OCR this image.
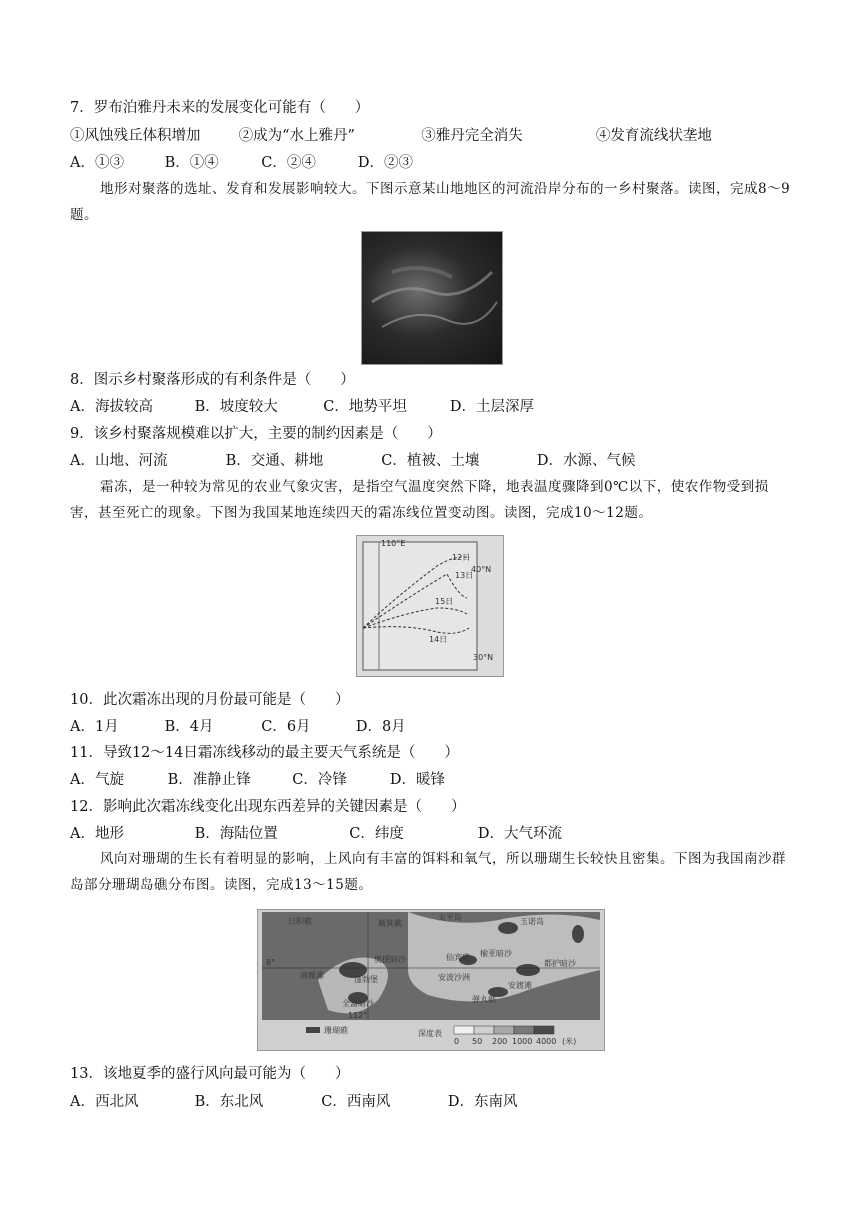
7．罗布泊雅丹未来的发展变化可能有（　　）
①风蚀残丘体积增加	②成为“水上雅丹”	③雅丹完全消失	④发育流线状垄地
A．①③	B．①④	C．②④	D．②③
地形对聚落的选址、发育和发展影响较大。下图示意某山地地区的河流沿岸分布的一乡村聚落。读图，完成8～9题。
8．图示乡村聚落形成的有利条件是（　　）
A．海拔较高	B．坡度较大	C．地势平坦	D．土层深厚
9．该乡村聚落规模难以扩大，主要的制约因素是（　　）
A．山地、河流	B．交通、耕地	C．植被、土壤	D．水源、气候
霜冻，是一种较为常见的农业气象灾害，是指空气温度突然下降，地表温度骤降到0℃以下，使农作物受到损害，甚至死亡的现象。下图为我国某地连续四天的霜冻线位置变动图。读图，完成10～12题。
110°E
40°N
30°N
12日
13日
15日
14日
10．此次霜冻出现的月份最可能是（　　）
A．1月	B．4月	C．6月	D．8月
11．导致12～14日霜冻线移动的最主要天气系统是（　　）
A．气旋	B．准静止锋	C．冷锋	D．暖锋
12．影响此次霜冻线变化出现东西差异的关键因素是（　　）
A．地形	B．海陆位置	C．纬度	D．大气环流
风向对珊瑚的生长有着明显的影响，上风向有丰富的饵料和氧气，所以珊瑚生长较快且密集。下图为我国南沙群岛部分珊瑚岛礁分布图。读图，完成13～15题。
日积礁	太平岛	玉诺岛
仙宾礁 榆亚暗沙
都护暗沙
奥援暗沙
安渡滩
南薇滩	蓬勃堡	安波沙洲
全富暗沙
簸箕礁
弹丸礁
8°
112°
珊瑚礁	深度表
0 50 200 1000 4000 (米)
13．该地夏季的盛行风向最可能为（　　）
A．西北风	B．东北风	C．西南风	D．东南风
